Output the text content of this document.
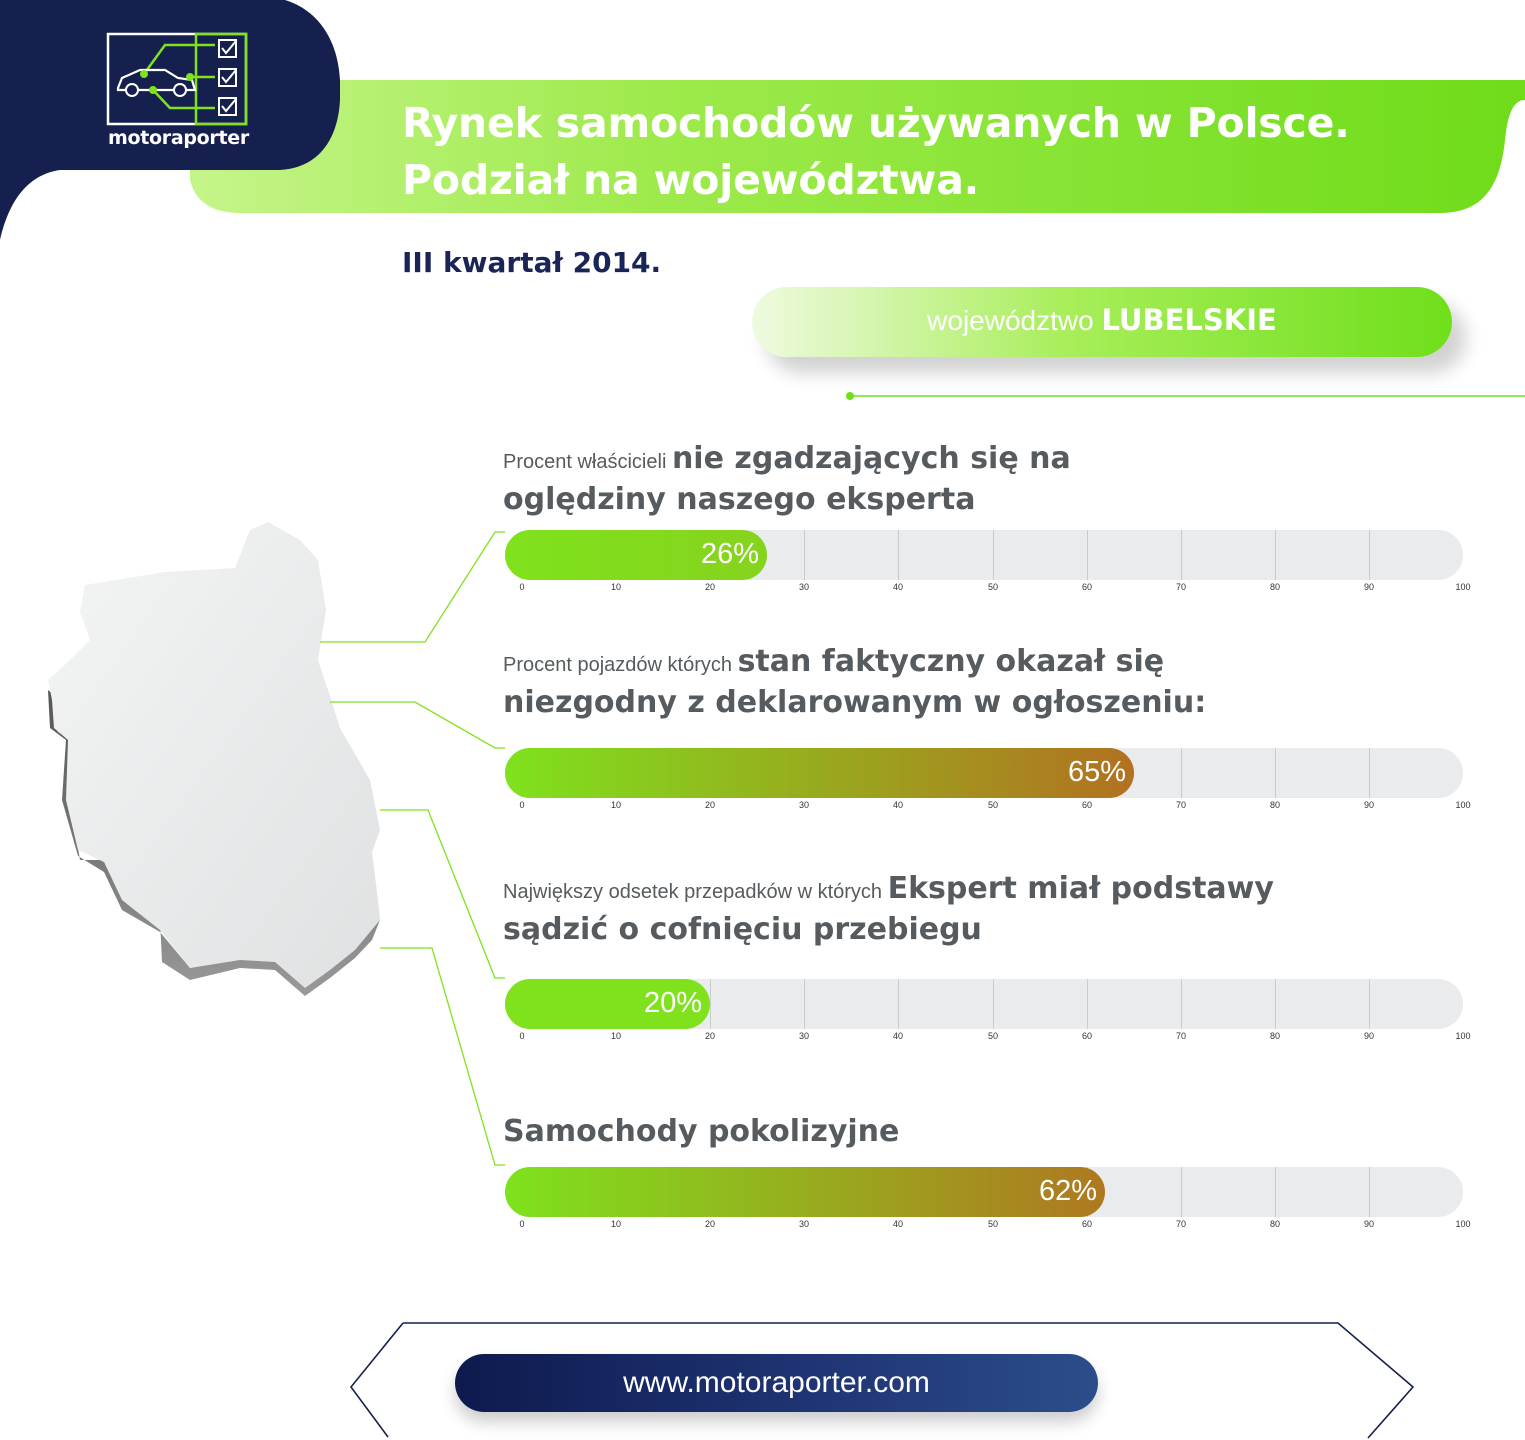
motoraporter	Rynek samochodów używanych w Polsce.
Podział na województwa.
III kwartał 2014.
województwo LUBELSKIE
Procent właścicieli nie zgadzających się na
oględziny naszego eksperta
Procent pojazdów których stan faktyczny okazał się
niezgodny z deklarowanym w ogłoszeniu:
Największy odsetek przepadków w których Ekspert miał podstawy
sądzić o cofnięciu przebiegu
Samochody pokolizyjne
26%
0	10	20	30	40	50	60	70	80	90	100
65%
0	10	20	30	40	50	60	70	80	90	100
20%
0	10	20	30	40	50	60	70	80	90	100
62%
0	10	20	30	40	50	60	70	80	90	100
www.motoraporter.com
